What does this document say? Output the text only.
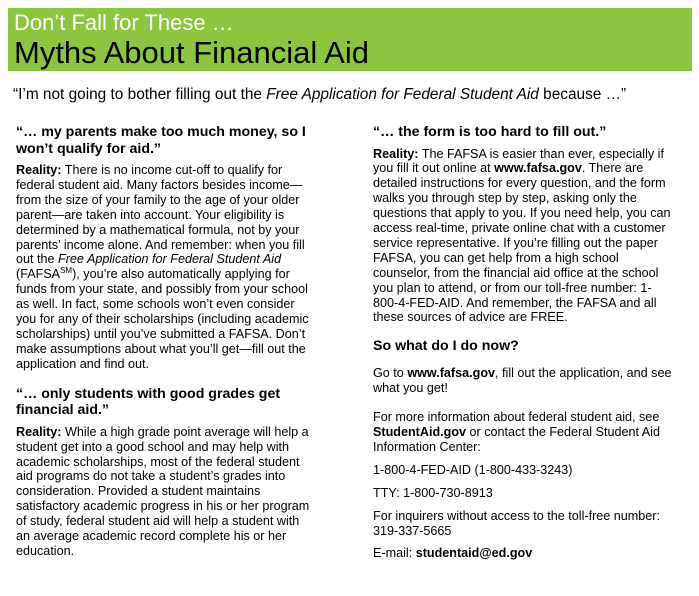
Don’t Fall for These …
Myths About Financial Aid
“I’m not going to bother filling out the Free Application for Federal Student Aid because …”
“… my parents make too much money, so I won’t qualify for aid.”

Reality: There is no income cut-off to qualify for federal student aid. Many factors besides income—from the size of your family to the age of your older parent—are taken into account. Your eligibility is determined by a mathematical formula, not by your parents’ income alone. And remember: when you fill out the Free Application for Federal Student Aid (FAFSA℠), you’re also automatically applying for funds from your state, and possibly from your school as well. In fact, some schools won’t even consider you for any of their scholarships (including academic scholarships) until you’ve submitted a FAFSA. Don’t make assumptions about what you’ll get—fill out the application and find out.

“… only students with good grades get financial aid.”

Reality: While a high grade point average will help a student get into a good school and may help with academic scholarships, most of the federal student aid programs do not take a student’s grades into consideration. Provided a student maintains satisfactory academic progress in his or her program of study, federal student aid will help a student with an average academic record complete his or her education.

“… the form is too hard to fill out.”

Reality: The FAFSA is easier than ever, especially if you fill it out online at www.fafsa.gov. There are detailed instructions for every question, and the form walks you through step by step, asking only the questions that apply to you. If you need help, you can access real-time, private online chat with a customer service representative. If you’re filling out the paper FAFSA, you can get help from a high school counselor, from the financial aid office at the school you plan to attend, or from our toll-free number: 1-800-4-FED-AID. And remember, the FAFSA and all these sources of advice are FREE.

So what do I do now?

Go to www.fafsa.gov, fill out the application, and see what you get!

For more information about federal student aid, see StudentAid.gov or contact the Federal Student Aid Information Center:

1-800-4-FED-AID (1-800-433-3243)

TTY: 1-800-730-8913

For inquirers without access to the toll-free number: 319-337-5665

E-mail: studentaid@ed.gov
